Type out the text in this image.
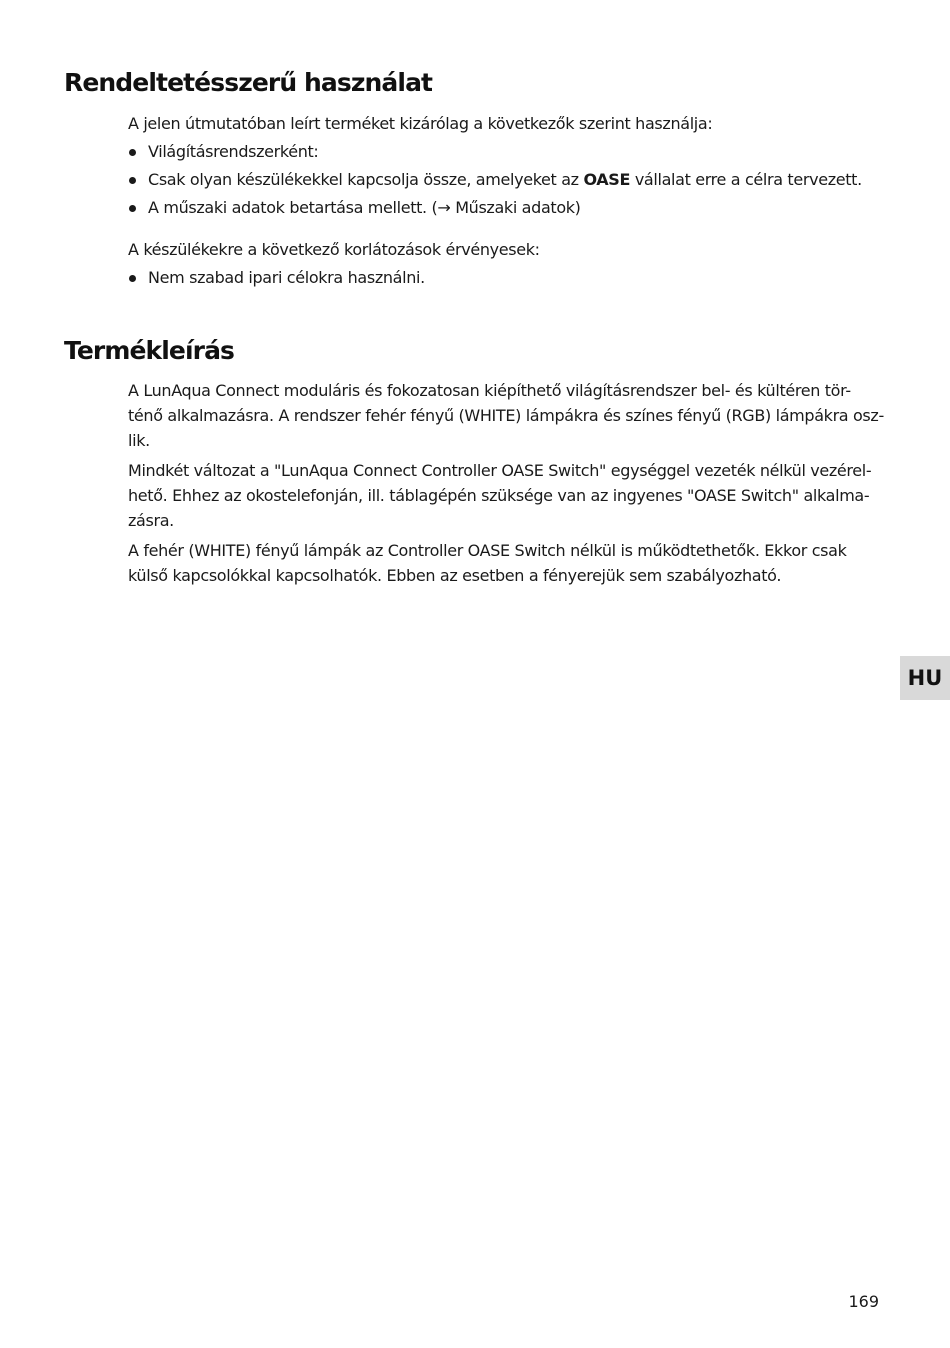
Rendeltetésszerű használat
A jelen útmutatóban leírt terméket kizárólag a következők szerint használja:
Világításrendszerként:
Csak olyan készülékekkel kapcsolja össze, amelyeket az OASE vállalat erre a célra tervezett.
A műszaki adatok betartása mellett. (→ Műszaki adatok)
A készülékekre a következő korlátozások érvényesek:
Nem szabad ipari célokra használni.
Termékleírás
A LunAqua Connect moduláris és fokozatosan kiépíthető világításrendszer bel- és kültéren tör-
ténő alkalmazásra. A rendszer fehér fényű (WHITE) lámpákra és színes fényű (RGB) lámpákra osz-
lik.
Mindkét változat a "LunAqua Connect Controller OASE Switch" egységgel vezeték nélkül vezérel-
hető. Ehhez az okostelefonján, ill. táblagépén szüksége van az ingyenes "OASE Switch" alkalma-
zásra.
A fehér (WHITE) fényű lámpák az Controller OASE Switch nélkül is működtethetők. Ekkor csak
külső kapcsolókkal kapcsolhatók. Ebben az esetben a fényerejük sem szabályozható.
HU
169
